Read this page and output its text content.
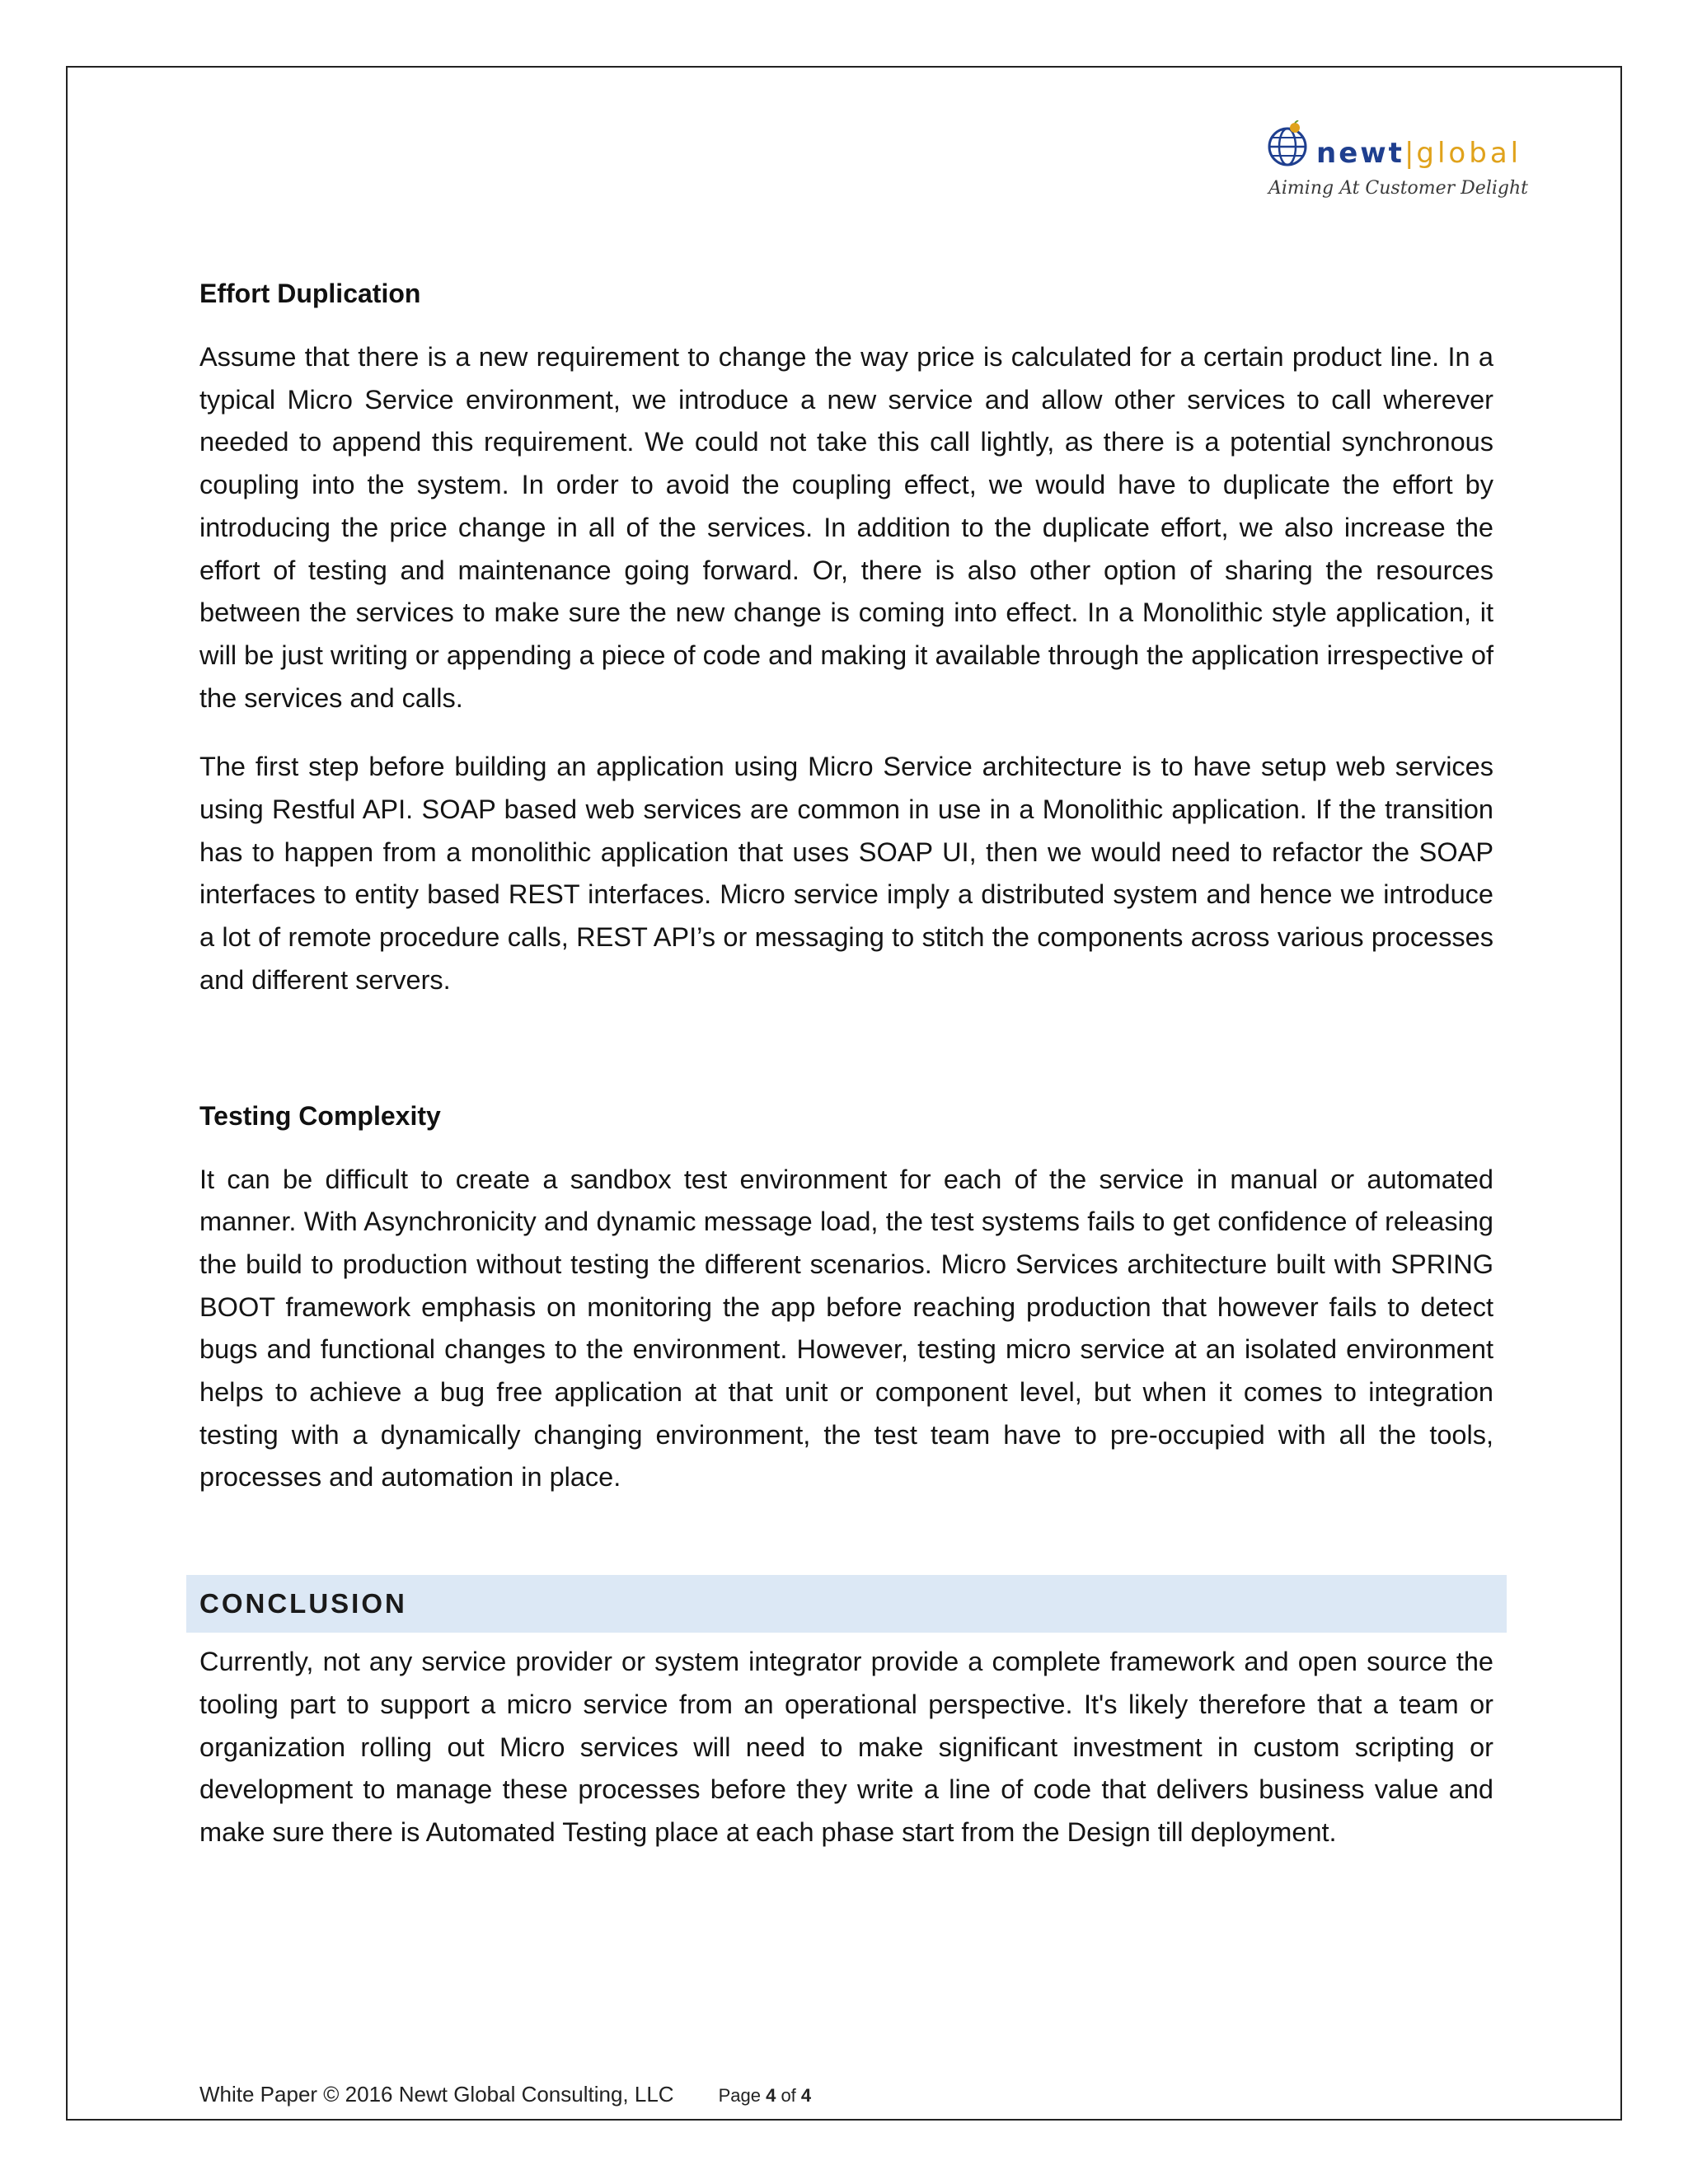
newt|global
Aiming At Customer Delight
Effort Duplication

Assume that there is a new requirement to change the way price is calculated for a certain product line. In a typical Micro Service environment, we introduce a new service and allow other services to call wherever needed to append this requirement. We could not take this call lightly, as there is a potential synchronous coupling into the system. In order to avoid the coupling effect, we would have to duplicate the effort by introducing the price change in all of the services. In addition to the duplicate effort, we also increase the effort of testing and maintenance going forward. Or, there is also other option of sharing the resources between the services to make sure the new change is coming into effect. In a Monolithic style application, it will be just writing or appending a piece of code and making it available through the application irrespective of the services and calls.

The first step before building an application using Micro Service architecture is to have setup web services using Restful API. SOAP based web services are common in use in a Monolithic application. If the transition has to happen from a monolithic application that uses SOAP UI, then we would need to refactor the SOAP interfaces to entity based REST interfaces. Micro service imply a distributed system and hence we introduce a lot of remote procedure calls, REST API’s or messaging to stitch the components across various processes and different servers.

Testing Complexity

It can be difficult to create a sandbox test environment for each of the service in manual or automated manner. With Asynchronicity and dynamic message load, the test systems fails to get confidence of releasing the build to production without testing the different scenarios. Micro Services architecture built with SPRING BOOT framework emphasis on monitoring the app before reaching production that however fails to detect bugs and functional changes to the environment. However, testing micro service at an isolated environment helps to achieve a bug free application at that unit or component level, but when it comes to integration testing with a dynamically changing environment, the test team have to pre-occupied with all the tools, processes and automation in place.

CONCLUSION

Currently, not any service provider or system integrator provide a complete framework and open source the tooling part to support a micro service from an operational perspective. It's likely therefore that a team or organization rolling out Micro services will need to make significant investment in custom scripting or development to manage these processes before they write a line of code that delivers business value and make sure there is Automated Testing place at each phase start from the Design till deployment.

White Paper © 2016 Newt Global Consulting, LLC Page 4 of 4
